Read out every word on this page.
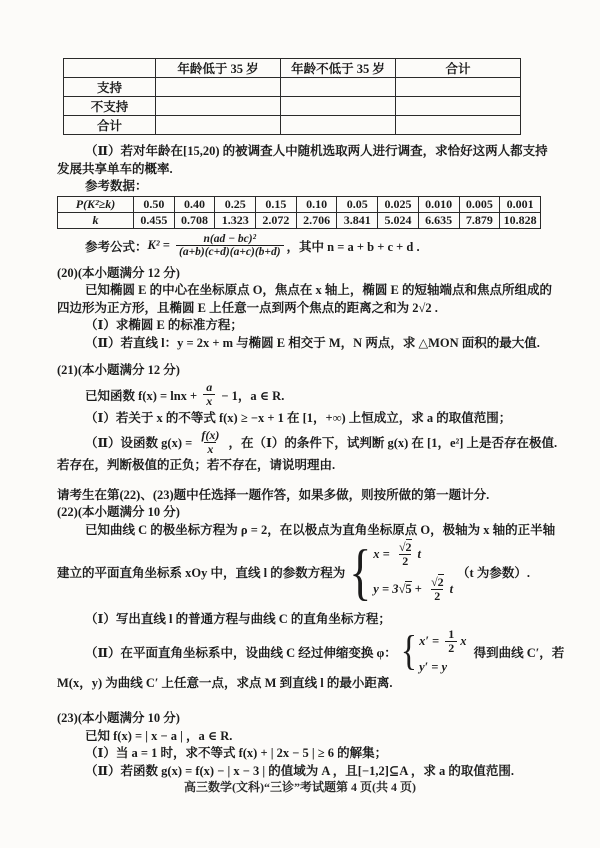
	年龄低于 35 岁	年龄不低于 35 岁	合计
支持			
不支持			
合计			
（Ⅱ）若对年龄在[15,20) 的被调查人中随机选取两人进行调查，求恰好这两人都支持
发展共享单车的概率.
参考数据：
P(K²≥k)	0.50	0.40	0.25	0.15	0.10	0.05	0.025	0.010	0.005	0.001
k	0.455	0.708	1.323	2.072	2.706	3.841	5.024	6.635	7.879	10.828
参考公式： $K^2 = \frac{\text{n(ad − bc)²}}{(a+b)(c+d)(a+c)(b+d)}$ ，其中 n = a + b + c + d .
(20)(本小题满分 12 分)
已知椭圆 E 的中心在坐标原点 O，焦点在 x 轴上，椭圆 E 的短轴端点和焦点所组成的
四边形为正方形，且椭圆 E 上任意一点到两个焦点的距离之和为 2√2 .
（Ⅰ）求椭圆 E 的标准方程；
（Ⅱ）若直线 l：y = 2x + m 与椭圆 E 相交于 M，N 两点，求 △MON 面积的最大值.
(21)(本小题满分 12 分)
已知函数 $f(x) = \ln x + \frac{a}{x} - 1$，a ∈ R.
（Ⅰ）若关于 x 的不等式 f(x) ≥ −x + 1 在 [1，+∞) 上恒成立，求 a 的取值范围；
（Ⅱ）设函数 $g(x) = \frac{f(x)}{x}$ ，在（Ⅰ）的条件下，试判断 g(x) 在 [1，e²] 上是否存在极值.
若存在，判断极值的正负；若不存在，请说明理由.
请考生在第(22)、(23)题中任选择一题作答，如果多做，则按所做的第一题计分.
(22)(本小题满分 10 分)
已知曲线 C 的极坐标方程为 ρ = 2，在以极点为直角坐标原点 O，极轴为 x 轴的正半轴
建立的平面直角坐标系 xOy 中，直线 l 的参数方程为 { $x = \frac{√2}{2}$ t
y = 3 √ $5 + \frac{√2}{2}$ t
（t 为参数）.
（Ⅰ）写出直线 l 的普通方程与曲线 C 的直角坐标方程；
（Ⅱ）在平面直角坐标系中，设曲线 C 经过伸缩变换 φ： { $x' = \frac{1}{2}$ x
y′ = y
得到曲线 C′，若
M(x，y) 为曲线 C′ 上任意一点，求点 M 到直线 l 的最小距离.
(23)(本小题满分 10 分)
已知 f(x) = | x − a | ，a ∈ R.
（Ⅰ）当 a = 1 时，求不等式 f(x) + | 2x − 5 | ≥ 6 的解集；
（Ⅱ）若函数 g(x) = f(x) − | x − 3 | 的值域为 A ，且[−1,2]⊆A ，求 a 的取值范围.
高三数学(文科)“三诊”考试题第 4 页(共 4 页)
